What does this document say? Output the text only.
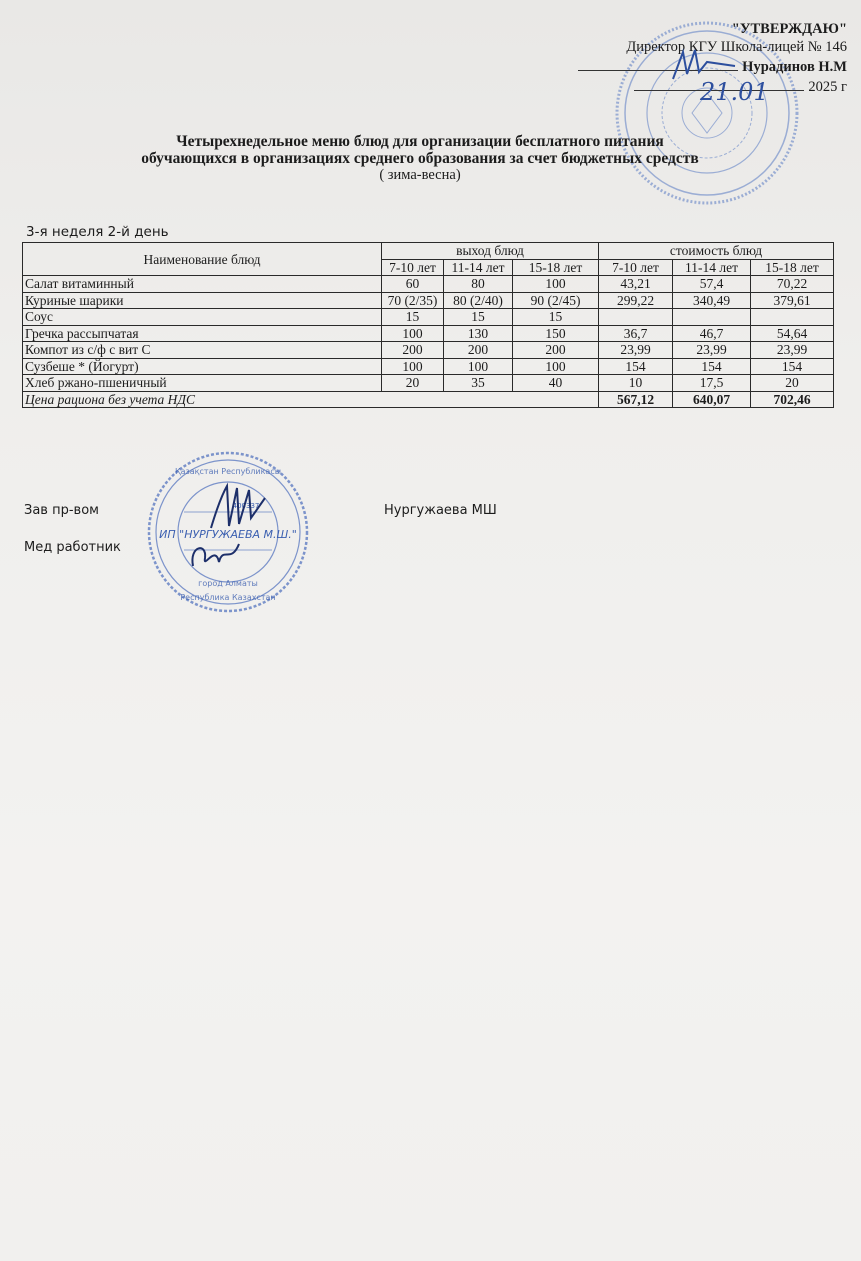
"УТВЕРЖДАЮ"
Директор КГУ Школа-лицей № 146
Нурадинов Н.М
2025 г
21.01
Четырехнедельное меню блюд для организации бесплатного питания
обучающихся в организациях среднего образования за счет бюджетных средств
( зима-весна)
3-я неделя 2-й день
Наименование блюд	выход блюд			стоимость блюд		
	7-10 лет	11-14 лет	15-18 лет	7-10 лет	11-14 лет	15-18 лет
Салат витаминный	60	80	100	43,21	57,4	70,22
Куриные шарики	70 (2/35)	80 (2/40)	90 (2/45)	299,22	340,49	379,61
Соус	15	15	15			
Гречка рассыпчатая	100	130	150	36,7	46,7	54,64
Компот из с/ф с вит С	200	200	200	23,99	23,99	23,99
Сузбеше * (Йогурт)	100	100	100	154	154	154
Хлеб ржано-пшеничный	20	35	40	10	17,5	20
Цена рациона без учета НДС				567,12	640,07	702,46
Зав пр-вом	Нургужаева МШ
Мед работник
ИП "НУРГУЖАЕВА М.Ш."
400337
Қазақстан Республикасы
Республика Казахстан
город Алматы
